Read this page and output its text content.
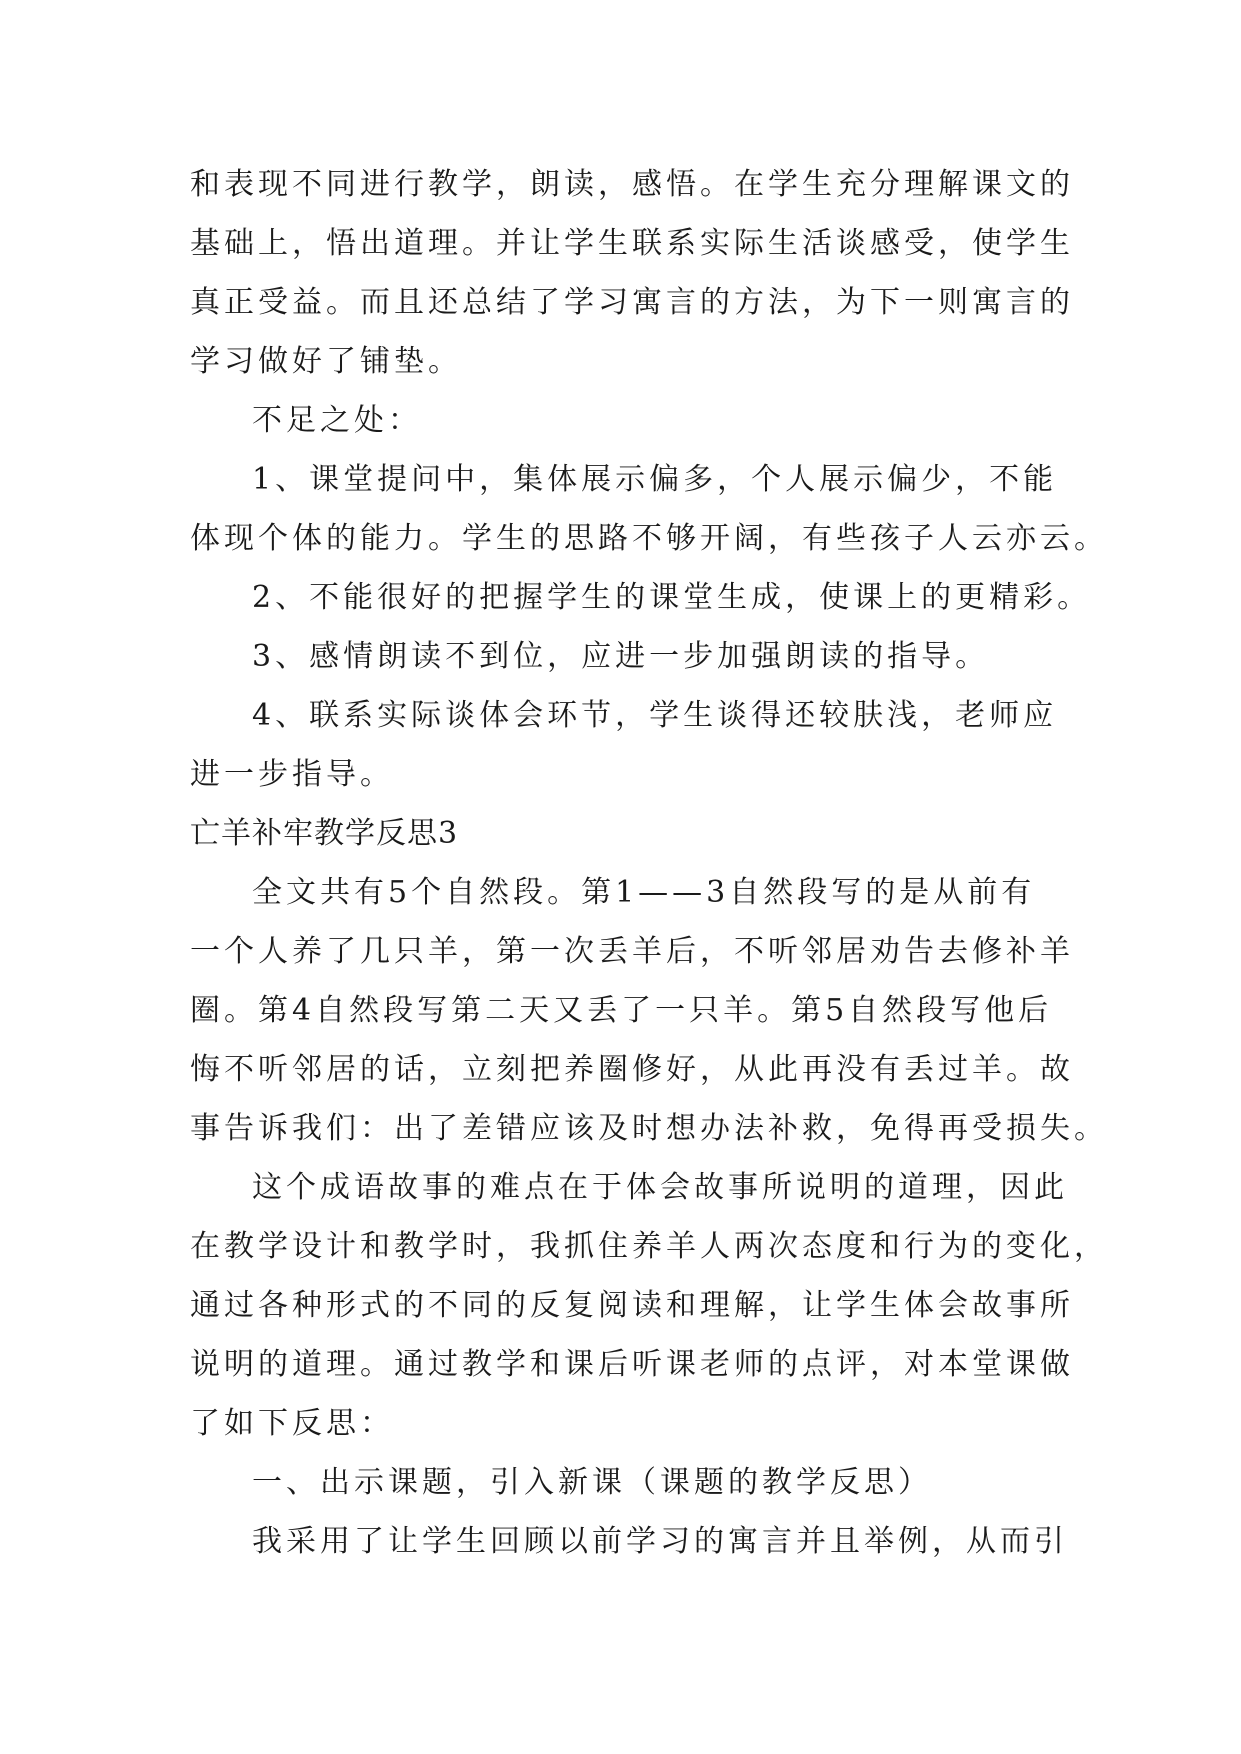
和表现不同进行教学，朗读，感悟。在学生充分理解课文的
基础上，悟出道理。并让学生联系实际生活谈感受，使学生
真正受益。而且还总结了学习寓言的方法，为下一则寓言的
学习做好了铺垫。
不足之处：
1、课堂提问中，集体展示偏多，个人展示偏少，不能
体现个体的能力。学生的思路不够开阔，有些孩子人云亦云。
2、不能很好的把握学生的课堂生成，使课上的更精彩。
3、感情朗读不到位，应进一步加强朗读的指导。
4、联系实际谈体会环节，学生谈得还较肤浅，老师应
进一步指导。
亡羊补牢教学反思3
全文共有5个自然段。第1——3自然段写的是从前有
一个人养了几只羊，第一次丢羊后，不听邻居劝告去修补羊
圈。第4自然段写第二天又丢了一只羊。第5自然段写他后
悔不听邻居的话，立刻把养圈修好，从此再没有丢过羊。故
事告诉我们：出了差错应该及时想办法补救，免得再受损失。
这个成语故事的难点在于体会故事所说明的道理，因此
在教学设计和教学时，我抓住养羊人两次态度和行为的变化，
通过各种形式的不同的反复阅读和理解，让学生体会故事所
说明的道理。通过教学和课后听课老师的点评，对本堂课做
了如下反思：
一、出示课题，引入新课（课题的教学反思）
我采用了让学生回顾以前学习的寓言并且举例，从而引
